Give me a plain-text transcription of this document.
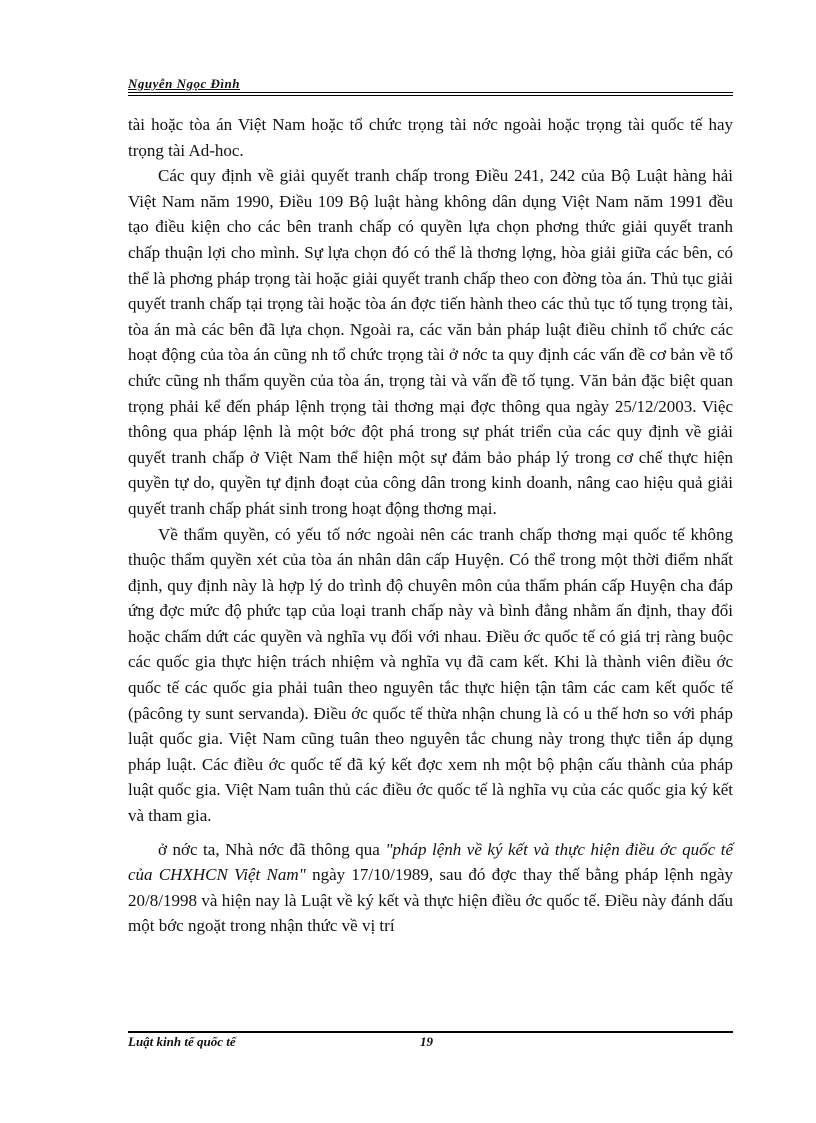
Nguyễn Ngọc Đình

tài hoặc tòa án Việt Nam hoặc tổ chức trọng tài nớc ngoài hoặc trọng tài quốc tế hay trọng tài Ad-hoc.

Các quy định về giải quyết tranh chấp trong Điều 241, 242 của Bộ Luật hàng hải Việt Nam năm 1990, Điều 109 Bộ luật hàng không dân dụng Việt Nam năm 1991 đều tạo điều kiện cho các bên tranh chấp có quyền lựa chọn phơng thức giải quyết tranh chấp thuận lợi cho mình. Sự lựa chọn đó có thể là thơng lợng, hòa giải giữa các bên, có thể là phơng pháp trọng tài hoặc giải quyết tranh chấp theo con đờng tòa án. Thủ tục giải quyết tranh chấp tại trọng tài hoặc tòa án đợc tiến hành theo các thủ tục tố tụng trọng tài, tòa án mà các bên đã lựa chọn. Ngoài ra, các văn bản pháp luật điều chỉnh tổ chức các hoạt động của tòa án cũng nh tổ chức trọng tài ở nớc ta quy định các vấn đề cơ bản về tổ chức cũng nh thẩm quyền của tòa án, trọng tài và vấn đề tố tụng. Văn bản đặc biệt quan trọng phải kể đến pháp lệnh trọng tài thơng mại đợc thông qua ngày 25/12/2003. Việc thông qua pháp lệnh là một bớc đột phá trong sự phát triển của các quy định về giải quyết tranh chấp ở Việt Nam thể hiện một sự đảm bảo pháp lý trong cơ chế thực hiện quyền tự do, quyền tự định đoạt của công dân trong kinh doanh, nâng cao hiệu quả giải quyết tranh chấp phát sinh trong hoạt động thơng mại.

Về thẩm quyền, có yếu tố nớc ngoài nên các tranh chấp thơng mại quốc tế không thuộc thẩm quyền xét của tòa án nhân dân cấp Huyện. Có thể trong một thời điểm nhất định, quy định này là hợp lý do trình độ chuyên môn của thẩm phán cấp Huyện cha đáp ứng đợc mức độ phức tạp của loại tranh chấp này và bình đẳng nhằm ấn định, thay đổi hoặc chấm dứt các quyền và nghĩa vụ đối với nhau. Điều ớc quốc tế có giá trị ràng buộc các quốc gia thực hiện trách nhiệm và nghĩa vụ đã cam kết. Khi là thành viên điều ớc quốc tế các quốc gia phải tuân theo nguyên tắc thực hiện tận tâm các cam kết quốc tế (pâcông ty sunt servanda). Điều ớc quốc tế thừa nhận chung là có u thế hơn so với pháp luật quốc gia. Việt Nam cũng tuân theo nguyên tắc chung này trong thực tiễn áp dụng pháp luật. Các điều ớc quốc tế đã ký kết đợc xem nh một bộ phận cấu thành của pháp luật quốc gia. Việt Nam tuân thủ các điều ớc quốc tế là nghĩa vụ của các quốc gia ký kết và tham gia.

ở nớc ta, Nhà nớc đã thông qua "pháp lệnh về ký kết và thực hiện điều ớc quốc tế của CHXHCN Việt Nam" ngày 17/10/1989, sau đó đợc thay thế bằng pháp lệnh ngày 20/8/1998 và hiện nay là Luật về ký kết và thực hiện điều ớc quốc tế. Điều này đánh dấu một bớc ngoặt trong nhận thức về vị trí

Luật kinh tế quốc tế	19
